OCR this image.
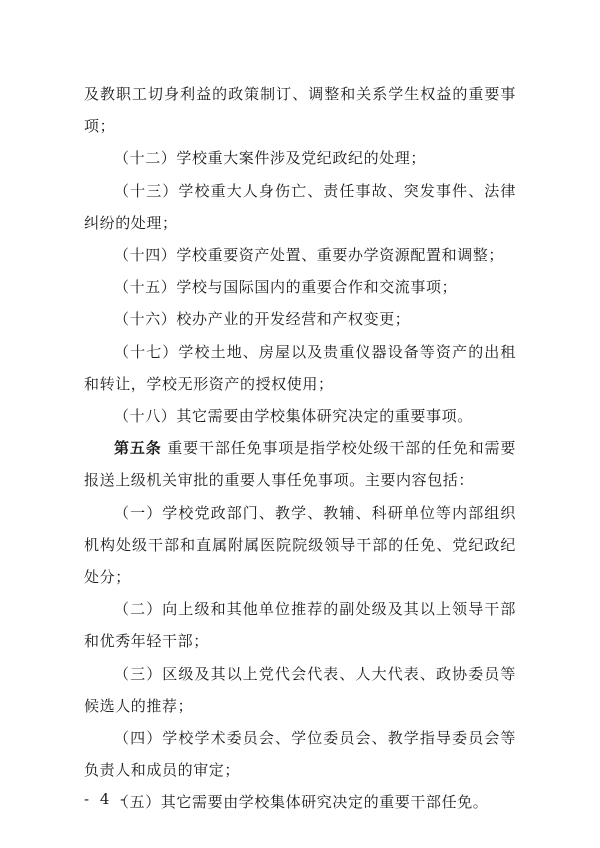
及教职工切身利益的政策制订、调整和关系学生权益的重要事项；

（十二）学校重大案件涉及党纪政纪的处理；

（十三）学校重大人身伤亡、责任事故、突发事件、法律纠纷的处理；

（十四）学校重要资产处置、重要办学资源配置和调整；

（十五）学校与国际国内的重要合作和交流事项；

（十六）校办产业的开发经营和产权变更；

（十七）学校土地、房屋以及贵重仪器设备等资产的出租和转让，学校无形资产的授权使用；

（十八）其它需要由学校集体研究决定的重要事项。

第五条 重要干部任免事项是指学校处级干部的任免和需要报送上级机关审批的重要人事任免事项。主要内容包括：

（一）学校党政部门、教学、教辅、科研单位等内部组织机构处级干部和直属附属医院院级领导干部的任免、党纪政纪处分；

（二）向上级和其他单位推荐的副处级及其以上领导干部和优秀年轻干部；

（三）区级及其以上党代会代表、人大代表、政协委员等候选人的推荐；

（四）学校学术委员会、学位委员会、教学指导委员会等负责人和成员的审定；

（五）其它需要由学校集体研究决定的重要干部任免。

- 4 -
